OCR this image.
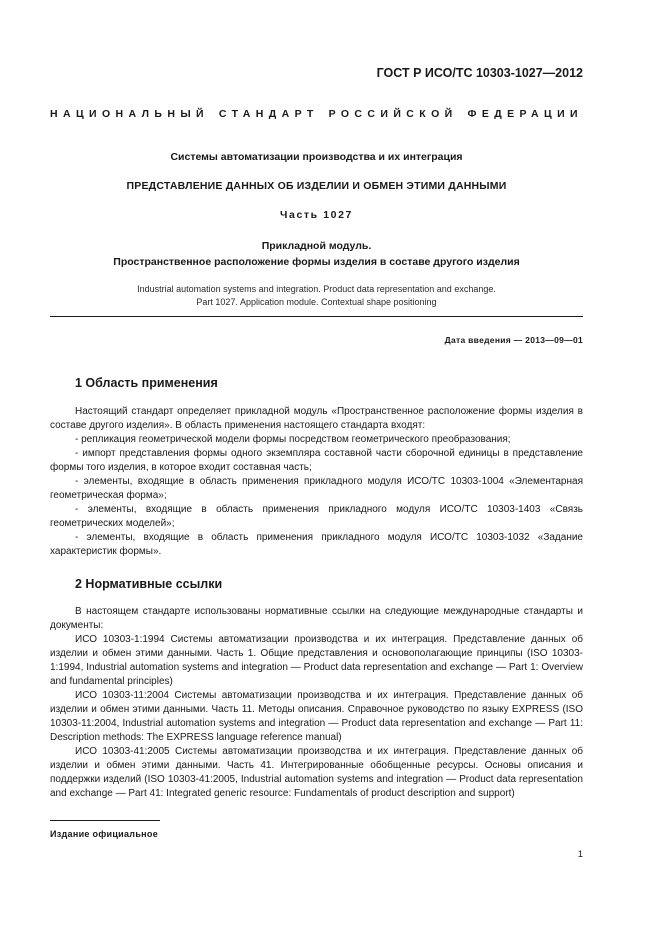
ГОСТ Р ИСО/ТС 10303-1027—2012
НАЦИОНАЛЬНЫЙ СТАНДАРТ РОССИЙСКОЙ ФЕДЕРАЦИИ
Системы автоматизации производства и их интеграция
ПРЕДСТАВЛЕНИЕ ДАННЫХ ОБ ИЗДЕЛИИ И ОБМЕН ЭТИМИ ДАННЫМИ
Часть 1027
Прикладной модуль.
Пространственное расположение формы изделия в составе другого изделия
Industrial automation systems and integration. Product data representation and exchange.
Part 1027. Application module. Contextual shape positioning
Дата введения — 2013—09—01
1 Область применения

Настоящий стандарт определяет прикладной модуль «Пространственное расположение формы изделия в составе другого изделия». В область применения настоящего стандарта входят:

- репликация геометрической модели формы посредством геометрического преобразования;

- импорт представления формы одного экземпляра составной части сборочной единицы в представление формы того изделия, в которое входит составная часть;

- элементы, входящие в область применения прикладного модуля ИСО/ТС 10303-1004 «Элементарная геометрическая форма»;

- элементы, входящие в область применения прикладного модуля ИСО/ТС 10303-1403 «Связь геометрических моделей»;

- элементы, входящие в область применения прикладного модуля ИСО/ТС 10303-1032 «Задание характеристик формы».

2 Нормативные ссылки

В настоящем стандарте использованы нормативные ссылки на следующие международные стандарты и документы:

ИСО 10303-1:1994 Системы автоматизации производства и их интеграция. Представление данных об изделии и обмен этими данными. Часть 1. Общие представления и основополагающие принципы (ISO 10303-1:1994, Industrial automation systems and integration — Product data representation and exchange — Part 1: Overview and fundamental principles)

ИСО 10303-11:2004 Системы автоматизации производства и их интеграция. Представление данных об изделии и обмен этими данными. Часть 11. Методы описания. Справочное руководство по языку EXPRESS (ISO 10303-11:2004, Industrial automation systems and integration — Product data representation and exchange — Part 11: Description methods: The EXPRESS language reference manual)

ИСО 10303-41:2005 Системы автоматизации производства и их интеграция. Представление данных об изделии и обмен этими данными. Часть 41. Интегрированные обобщенные ресурсы. Основы описания и поддержки изделий (ISO 10303-41:2005, Industrial automation systems and integration — Product data representation and exchange — Part 41: Integrated generic resource: Fundamentals of product description and support)

Издание официальное
1
